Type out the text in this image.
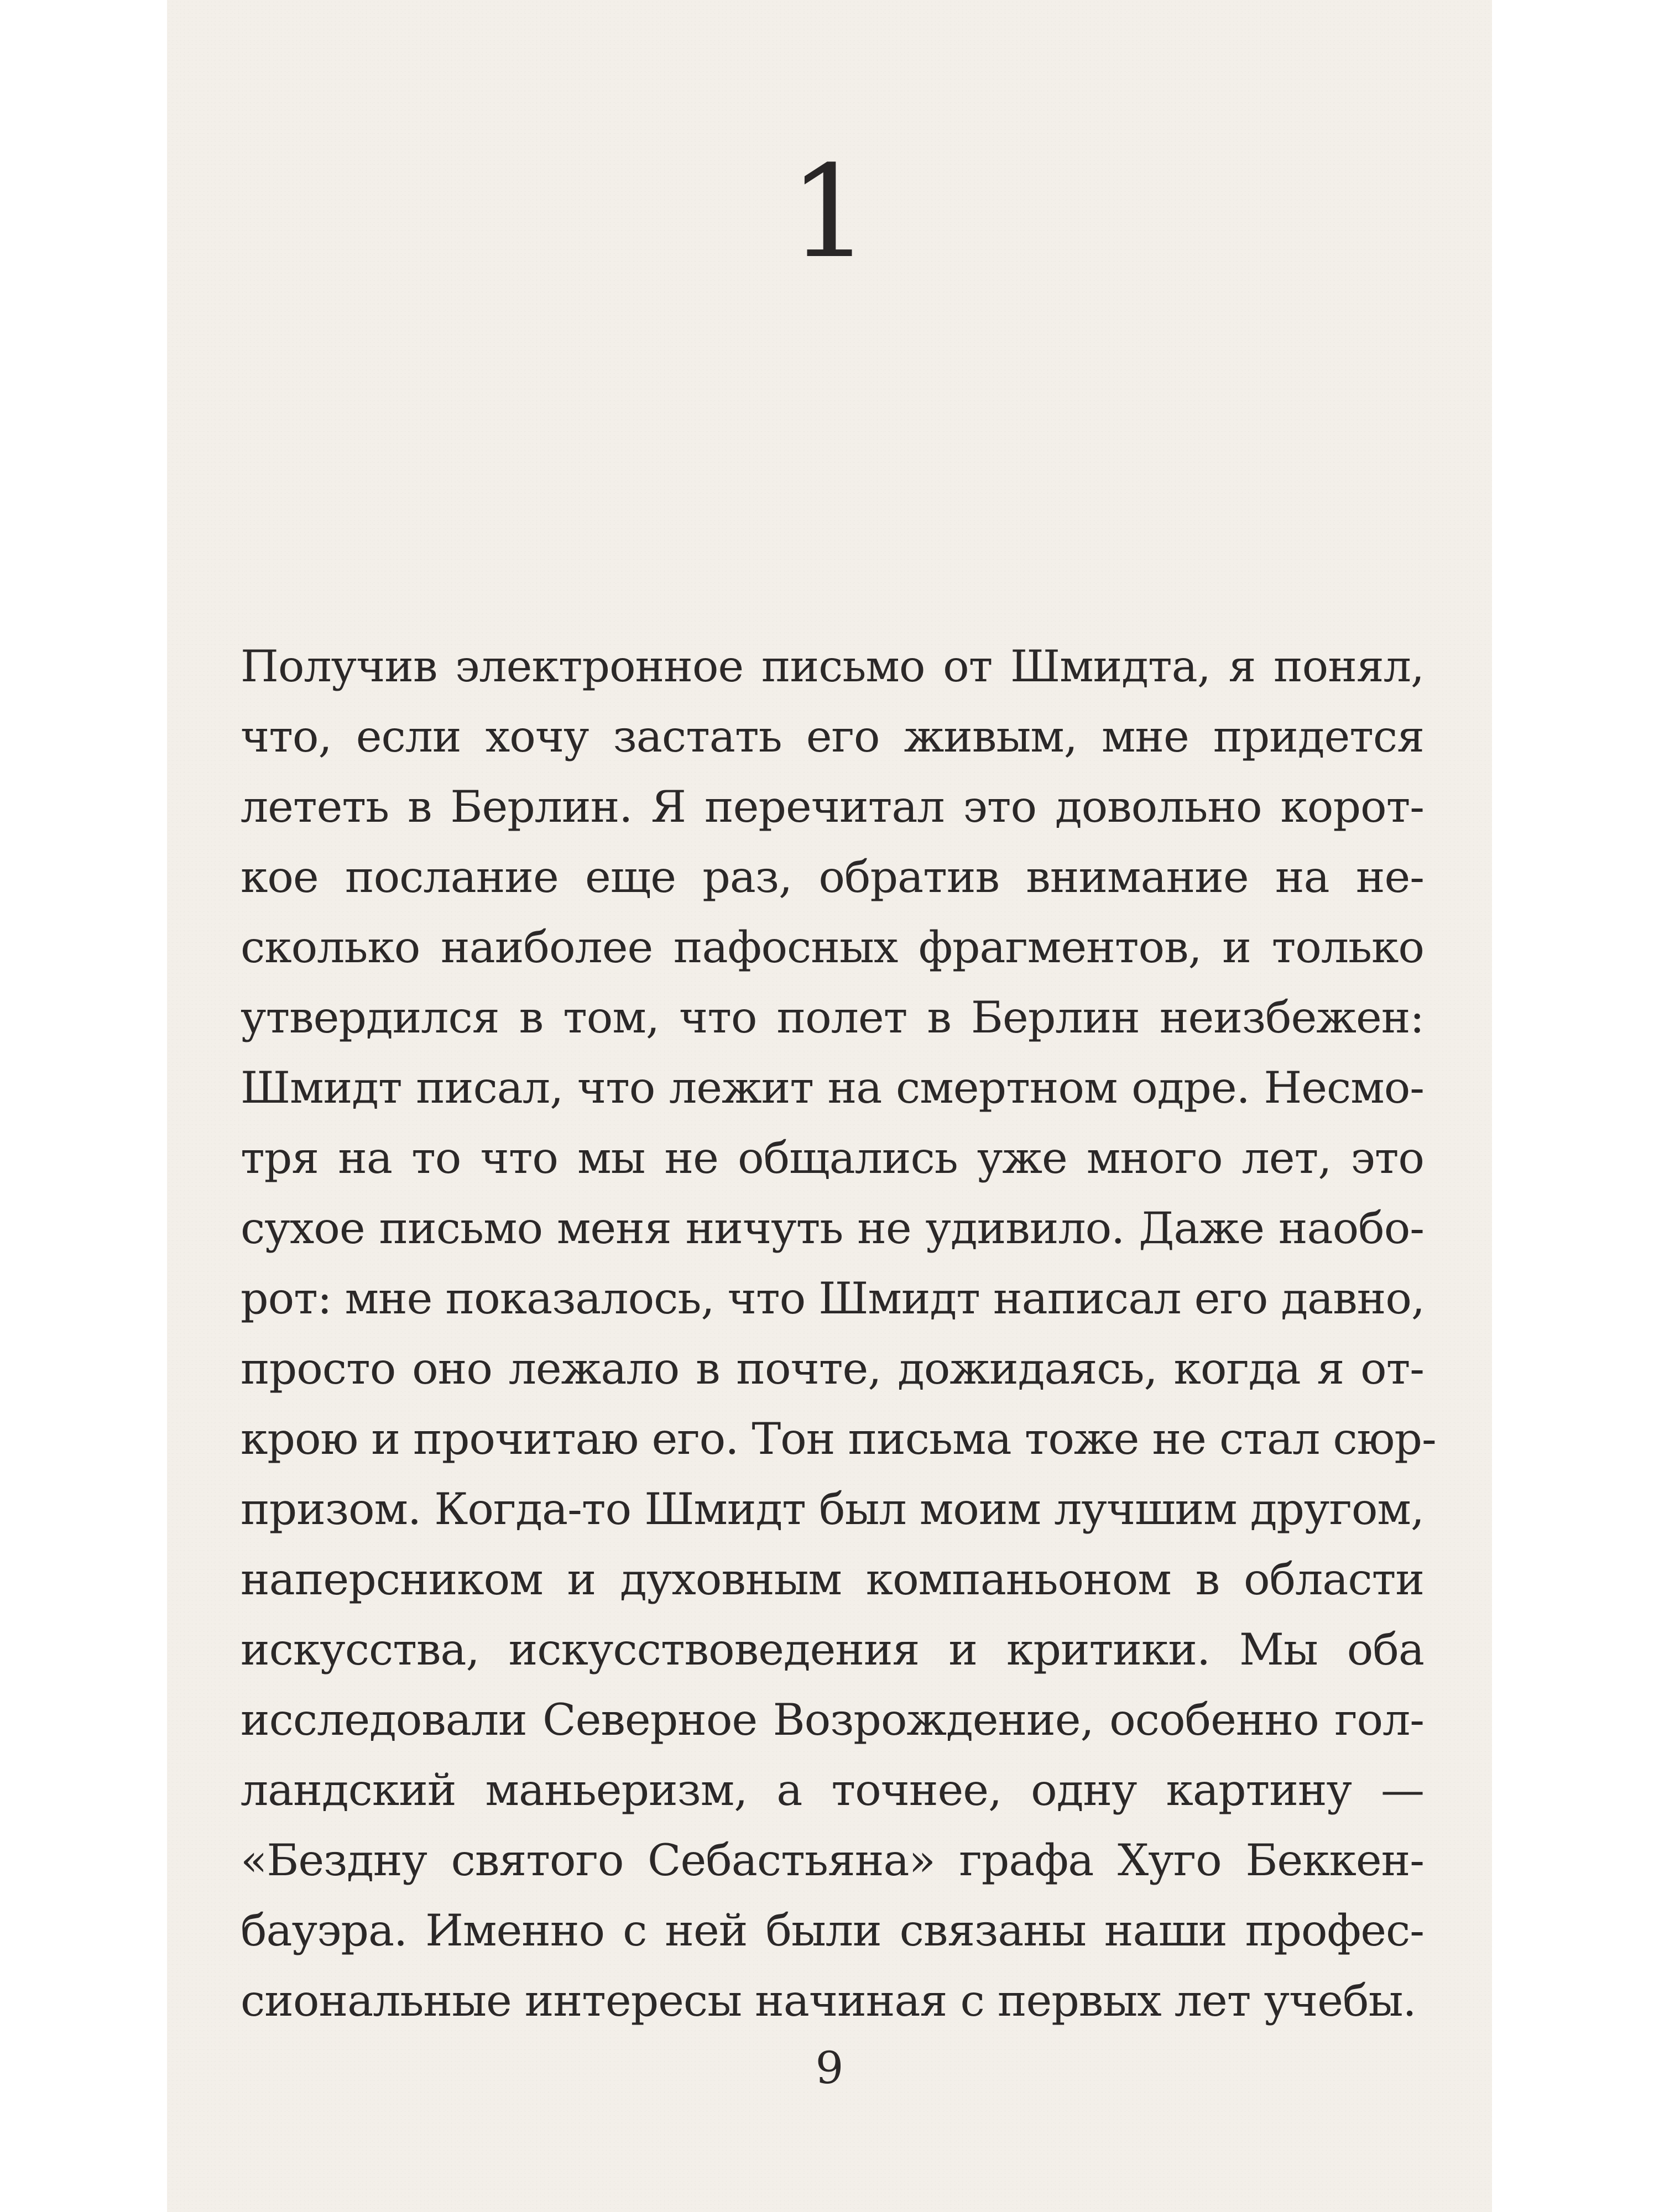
1

Получив электронное письмо от Шмидта, я понял,
что, если хочу застать его живым, мне придется
лететь в Берлин. Я перечитал это довольно корот-
кое послание еще раз, обратив внимание на не-
сколько наиболее пафосных фрагментов, и только
утвердился в том, что полет в Берлин неизбежен:
Шмидт писал, что лежит на смертном одре. Несмо-
тря на то что мы не общались уже много лет, это
сухое письмо меня ничуть не удивило. Даже наобо-
рот: мне показалось, что Шмидт написал его давно,
просто оно лежало в почте, дожидаясь, когда я от-
крою и прочитаю его. Тон письма тоже не стал сюр-
призом. Когда-то Шмидт был моим лучшим другом,
наперсником и духовным компаньоном в области
искусства, искусствоведения и критики. Мы оба
исследовали Северное Возрождение, особенно гол-
ландский маньеризм, а точнее, одну картину —
«Бездну святого Себастьяна» графа Хуго Беккен-
бауэра. Именно с ней были связаны наши профес-
сиональные интересы начиная с первых лет учебы.

9
